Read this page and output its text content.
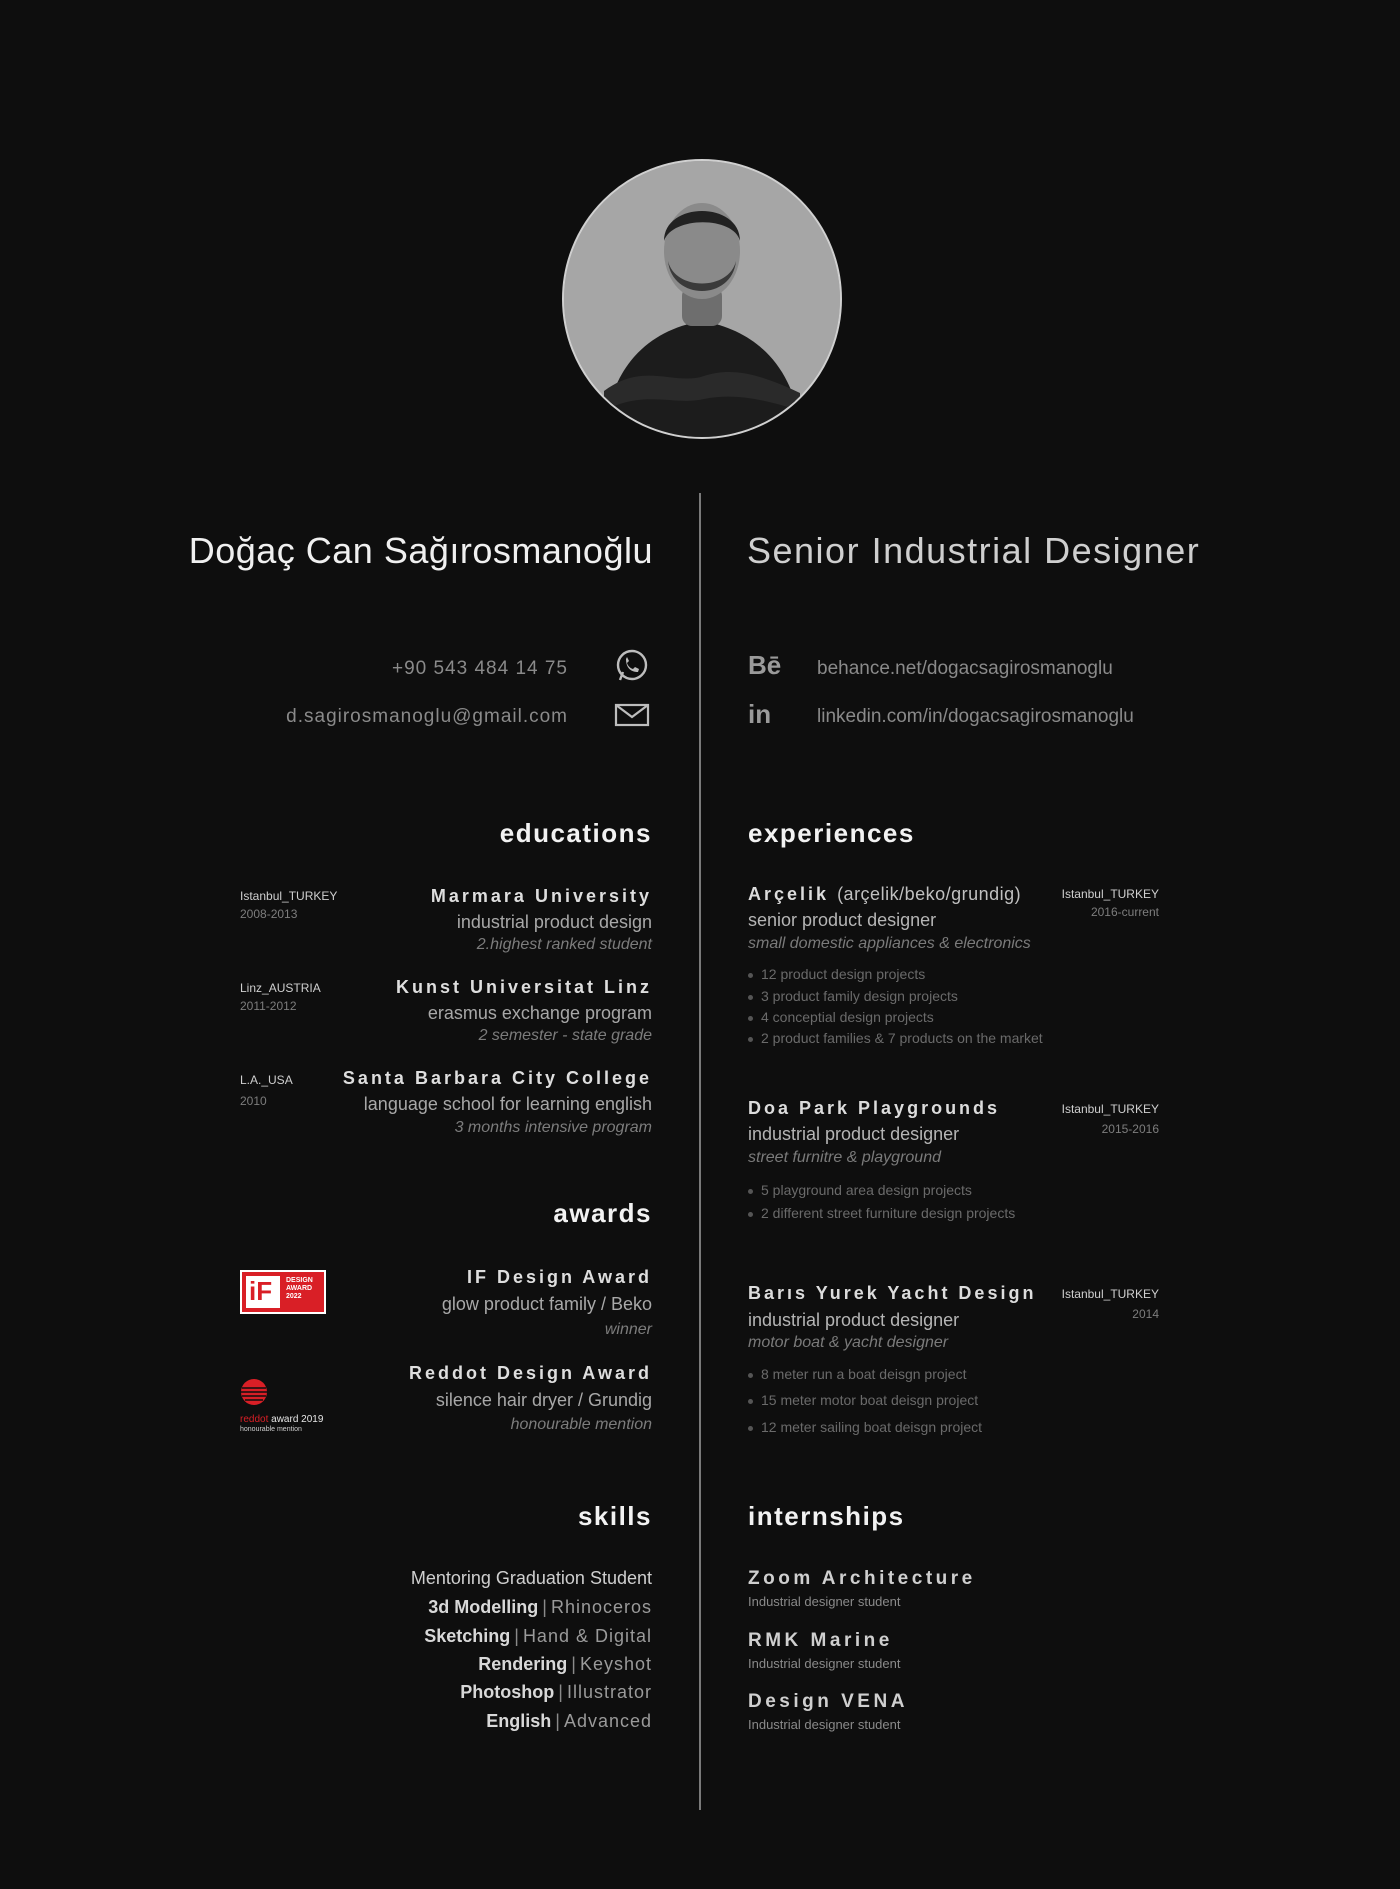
Doğaç Can Sağırosmanoğlu	Senior Industrial Designer
+90 543 484 14 75
d.sagirosmanoglu@gmail.com
Bē behance.net/dogacsagirosmanoglu
in	linkedin.com/in/dogacsagirosmanoglu
educations
Istanbul_TURKEY
2008-2013
Marmara University
industrial product design
2.highest ranked student
Linz_AUSTRIA
2011-2012
Kunst Universitat Linz
erasmus exchange program
2 semester - state grade
L.A._USA
2010
Santa Barbara City College
language school for learning english
3 months intensive program
awards
iF DESIGN
AWARD
2022
IF Design Award
glow product family / Beko
winner
reddot award 2019
honourable mention
Reddot Design Award
silence hair dryer / Grundig
honourable mention
skills
Mentoring Graduation Student
3d Modelling | Rhinoceros
Sketching | Hand & Digital
Rendering | Keyshot
Photoshop | Illustrator
English | Advanced
experiences
Arçelik (arçelik/beko/grundig)
senior product designer
small domestic appliances & electronics
Istanbul_TURKEY
2016-current
12 product design projects
3 product family design projects
4 conceptial design projects
2 product families & 7 products on the market
Doa Park Playgrounds
industrial product designer
street furnitre & playground
Istanbul_TURKEY
2015-2016
5 playground area design projects
2 different street furniture design projects
Barıs Yurek Yacht Design
industrial product designer
motor boat & yacht designer
Istanbul_TURKEY
2014
8 meter run a boat deisgn project
15 meter motor boat deisgn project
12 meter sailing boat deisgn project
internships
Zoom Architecture
Industrial designer student
RMK Marine
Industrial designer student
Design VENA
Industrial designer student
